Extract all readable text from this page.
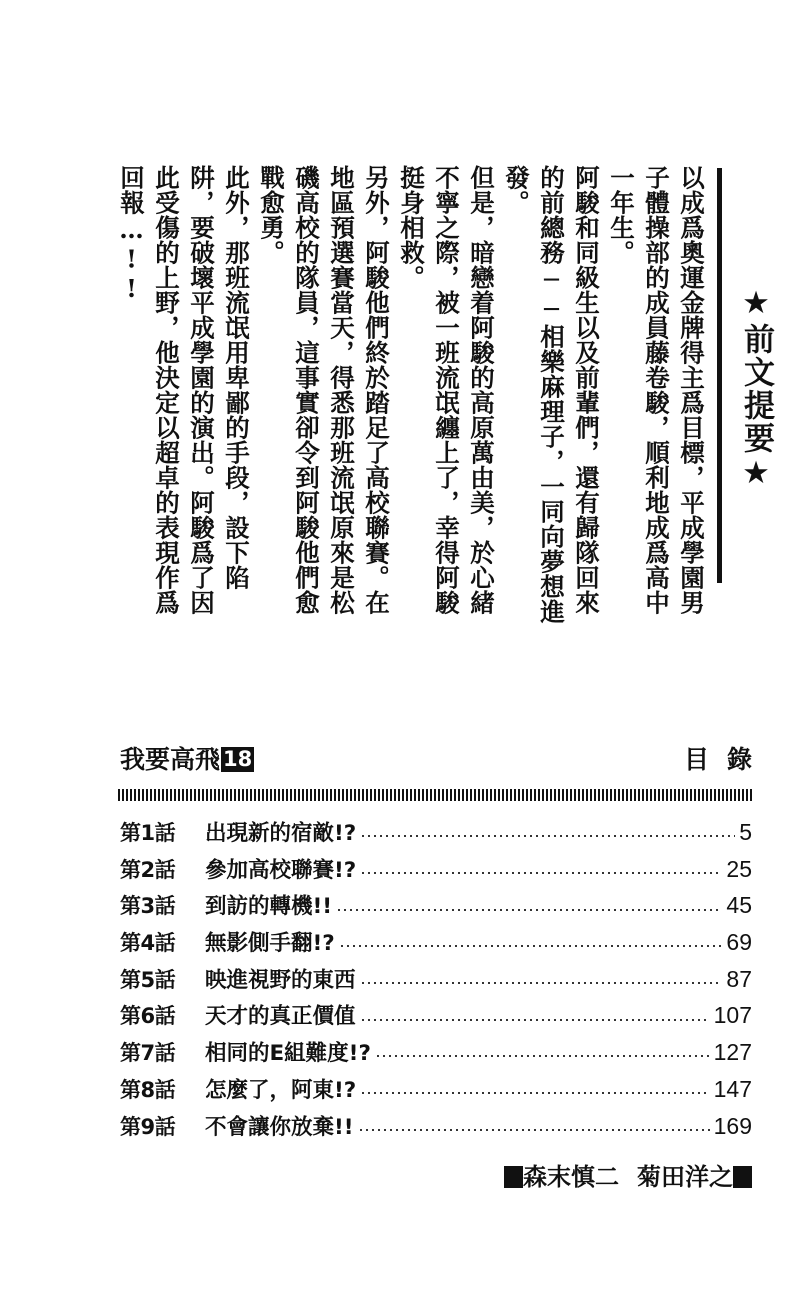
★前文提要★

以成爲奧運金牌得主爲目標，平成學園男子體操部的成員藤卷駿，順利地成爲高中一年生。

阿駿和同級生以及前輩們，還有歸隊回來的前總務──相樂麻理子，一同向夢想進發。

但是，暗戀着阿駿的高原萬由美，於心緒不寧之際，被一班流氓纏上了，幸得阿駿挺身相救。

另外，阿駿他們終於踏足了高校聯賽。在地區預選賽當天，得悉那班流氓原來是松磯高校的隊員，這事實卻令到阿駿他們愈戰愈勇。

此外，那班流氓用卑鄙的手段，設下陷阱，要破壞平成學園的演出。阿駿爲了因此受傷的上野，他決定以超卓的表現作爲回報…!!

我要高飛 18	目錄
第1話	出現新的宿敵!?	5
第2話	參加高校聯賽!?	25
第3話	到訪的轉機!!	45
第4話	無影側手翻!?	69
第5話	映進視野的東西	87
第6話	天才的真正價值	107
第7話	相同的E組難度!?	127
第8話	怎麼了，阿東!?	147
第9話	不會讓你放棄!!	169
森末慎二 菊田洋之
